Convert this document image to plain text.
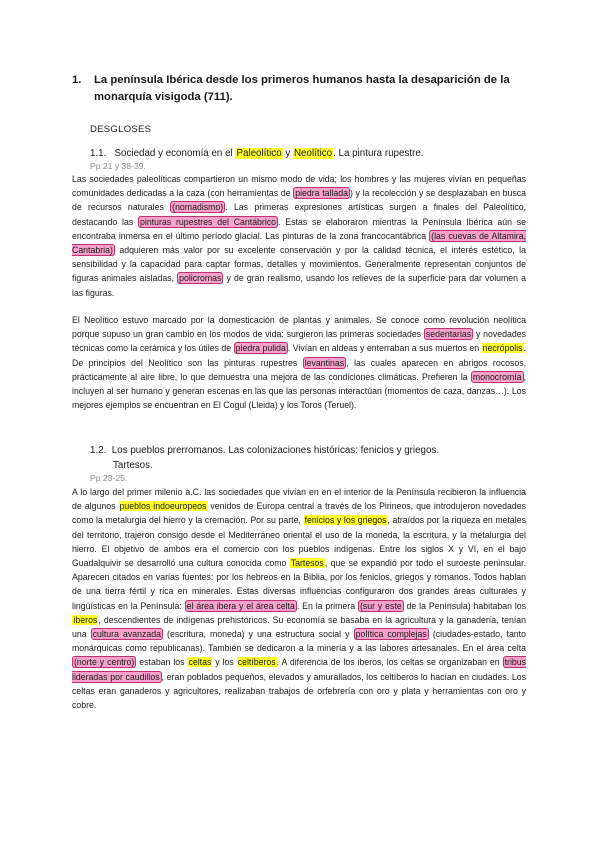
1. La península Ibérica desde los primeros humanos hasta la desaparición de la
monarquía visigoda (711).
DESGLOSES
1.1. Sociedad y economía en el Paleolítico y Neolítico. La pintura rupestre.
Pp 21 y 38-39.
Las sociedades paleolíticas compartieron un mismo modo de vida; los hombres y las mujeres vivían en pequeñas comunidades dedicadas a la caza (con herramientas de piedra tallada ) y la recolección y se desplazaban en busca de recursos naturales (nomadismo) . Las primeras expresiones artísticas surgen a finales del Paleolítico, destacando las pinturas rupestres del Cantábrico . Estas se elaboraron mientras la Península Ibérica aún se encontraba inmersa en el último período glacial. Las pinturas de la zona francocantábrica (las cuevas de Altamira, Cantabria) adquieren más valor por su excelente conservación y por la calidad técnica, el interés estético, la sensibilidad y la capacidad para captar formas, detalles y movimientos. Generalmente representan conjuntos de figuras animales aisladas, policromas y de gran realismo, usando los relieves de la superficie para dar volumen a las figuras.
El Neolítico estuvo marcado por la domesticación de plantas y animales. Se conoce como revolución neolítica porque supuso un gran cambio en los modos de vida: surgieron las primeras sociedades sedentarias y novedades técnicas como la cerámica y los útiles de piedra pulida . Vivían en aldeas y enterraban a sus muertos en necrópolis. De principios del Neolítico son las pinturas rupestres levantinas , las cuales aparecen en abrigos rocosos, prácticamente al aire libre, lo que demuestra una mejora de las condiciones climáticas. Prefieren la monocromía , incluyen al ser humano y generan escenas en las que las personas interactúan (momentos de caza, danzas…). Los mejores ejemplos se encuentran en El Cogul (Lleida) y los Toros (Teruel).
1.2. Los pueblos prerromanos. Las colonizaciones históricas: fenicios y griegos.
Tartesos.
Pp 23-25.
A lo largo del primer milenio a.C. las sociedades que vivían en en el interior de la Península recibieron la influencia de algunos pueblos indoeuropeos venidos de Europa central a través de los Pirineos, que introdujeron novedades como la metalurgia del hierro y la cremación. Por su parte, fenicios y los griegos, atraídos por la riqueza en metales del territorio, trajeron consigo desde el Mediterráneo oriental el uso de la moneda, la escritura, y la metalurgia del hierro. El objetivo de ambos era el comercio con los pueblos indígenas. Entre los siglos X y VI, en el bajo Guadalquivir se desarrolló una cultura conocida como Tartesos, que se expandió por todo el suroeste peninsular. Aparecen citados en varias fuentes: por los hebreos en la Biblia, por los fenicios, griegos y romanos. Todos hablan de una tierra fértil y rica en minerales. Estas diversas influencias configuraron dos grandes áreas culturales y lingüísticas en la Península: el área ibera y el área celta . En la primera (sur y este de la Península) habitaban los íberos, descendientes de indígenas prehistóricos. Su economía se basaba en la agricultura y la ganadería, tenían una cultura avanzada (escritura, moneda) y una estructura social y política complejas (ciudades-estado, tanto monárquicas como republicanas). También se dedicaron a la minería y a las labores artesanales. En el área celta (norte y centro) estaban los celtas y los celtíberos. A diferencia de los iberos, los celtas se organizaban en tribus lideradas por caudillos , eran poblados pequeños, elevados y amurallados, los celtíberos lo hacían en ciudades. Los celtas eran ganaderos y agricultores, realizaban trabajos de orfebrería con oro y plata y herramientas con oro y cobre.
